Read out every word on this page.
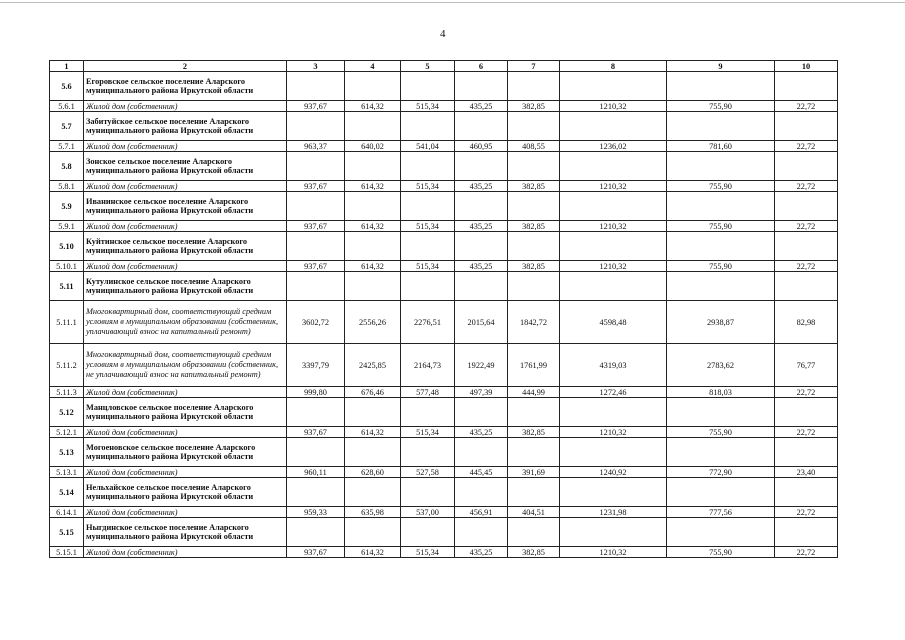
4
1	2	3	4	5	6	7	8	9	10
5.6	Егоровское сельское поселение Аларского муниципального района Иркутской области								
5.6.1	Жилой дом (собственник)	937,67	614,32	515,34	435,25	382,85	1210,32	755,90	22,72
5.7	Забитуйское сельское поселение Аларского муниципального района Иркутской области								
5.7.1	Жилой дом (собственник)	963,37	640,02	541,04	460,95	408,55	1236,02	781,60	22,72
5.8	Зонское сельское поселение Аларского муниципального района Иркутской области								
5.8.1	Жилой дом (собственник)	937,67	614,32	515,34	435,25	382,85	1210,32	755,90	22,72
5.9	Иванинское сельское поселение Аларского муниципального района Иркутской области								
5.9.1	Жилой дом (собственник)	937,67	614,32	515,34	435,25	382,85	1210,32	755,90	22,72
5.10	Куйтинское сельское поселение Аларского муниципального района Иркутской области								
5.10.1	Жилой дом (собственник)	937,67	614,32	515,34	435,25	382,85	1210,32	755,90	22,72
5.11	Кутулинское сельское поселение Аларского муниципального района Иркутской области								
5.11.1	Многоквартирный дом, соответствующий средним условиям в муниципальном образовании (собственник, уплачивающий взнос на капитальный ремонт)	3602,72	2556,26	2276,51	2015,64	1842,72	4598,48	2938,87	82,98
5.11.2	Многоквартирный дом, соответствующий средним условиям в муниципальном образовании (собственник, не уплачивающий взнос на капитальный ремонт)	3397,79	2425,85	2164,73	1922,49	1761,99	4319,03	2783,62	76,77
5.11.3	Жилой дом (собственник)	999,80	676,46	577,48	497,39	444,99	1272,46	818,03	22,72
5.12	Манцловское сельское поселение Аларского муниципального района Иркутской области								
5.12.1	Жилой дом (собственник)	937,67	614,32	515,34	435,25	382,85	1210,32	755,90	22,72
5.13	Могоеновское сельское поселение Аларского муниципального района Иркутской области								
5.13.1	Жилой дом (собственник)	960,11	628,60	527,58	445,45	391,69	1240,92	772,90	23,40
5.14	Нельхайское сельское поселение Аларского муниципального района Иркутской области								
6.14.1	Жилой дом (собственник)	959,33	635,98	537,00	456,91	404,51	1231,98	777,56	22,72
5.15	Ныгдинское сельское поселение Аларского муниципального района Иркутской области								
5.15.1	Жилой дом (собственник)	937,67	614,32	515,34	435,25	382,85	1210,32	755,90	22,72
